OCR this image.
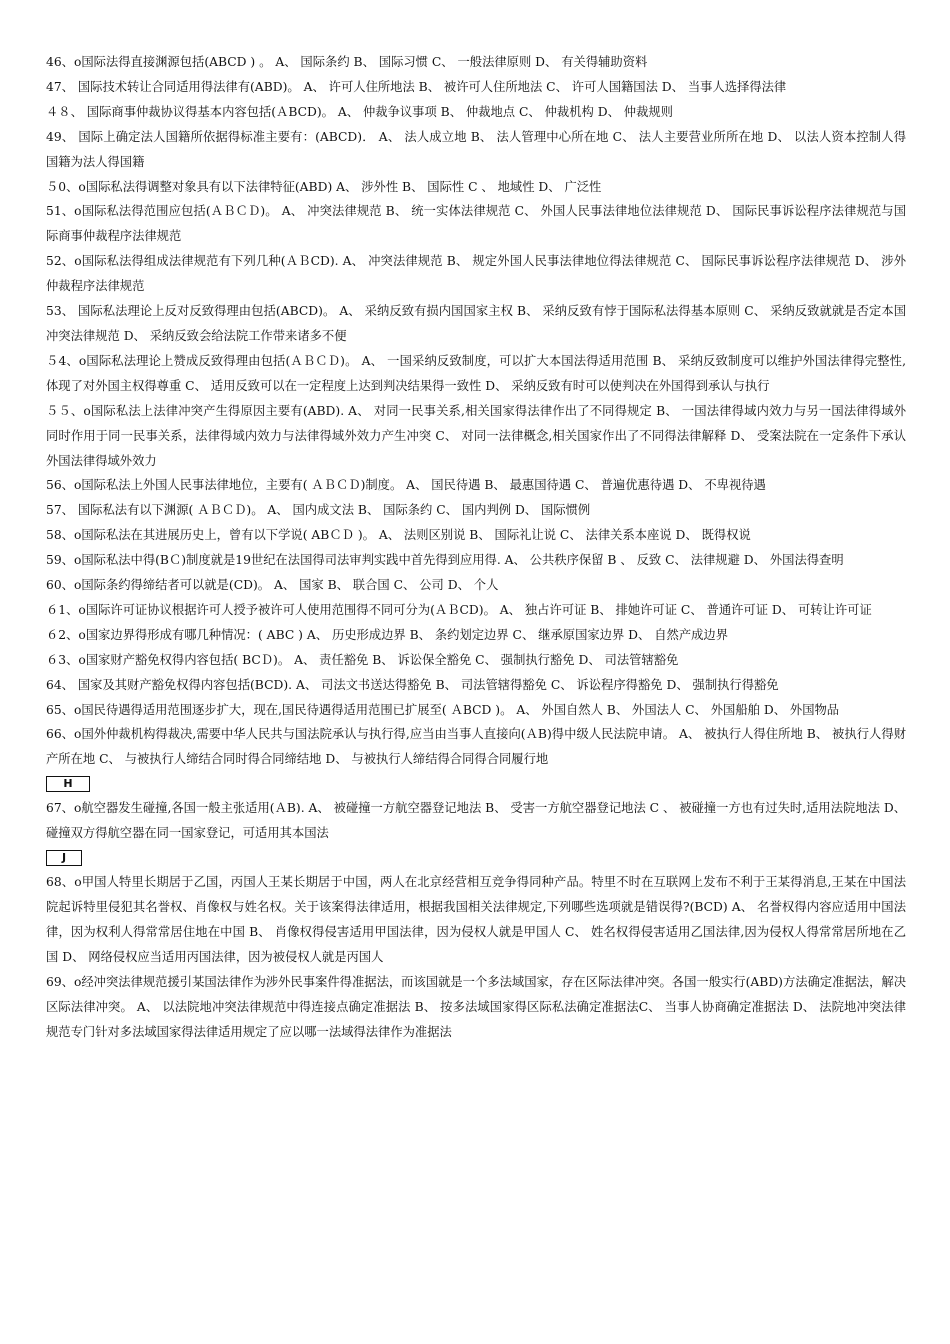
46、o国际法得直接渊源包括(ABCD ) 。 A、 国际条约 B、 国际习惯 C、 一般法律原则 D、 有关得辅助资料

47、 国际技术转让合同适用得法律有(ABD)。 A、 许可人住所地法 B、 被许可人住所地法 C、 许可人国籍国法 D、 当事人选择得法律

４８、 国际商事仲裁协议得基本内容包括(ＡBCD)。 A、 仲裁争议事项 B、 仲裁地点 C、 仲裁机构 D、 仲裁规则

49、 国际上确定法人国籍所依据得标准主要有：(ABCD)． A、 法人成立地 B、 法人管理中心所在地 C、 法人主要营业所所在地 D、 以法人资本控制人得国籍为法人得国籍

５0、o国际私法得调整对象具有以下法律特征(ABD) A、 涉外性 B、 国际性 C 、 地域性 D、 广泛性

51、o国际私法得范围应包括(ＡＢＣＤ)。 A、 冲突法律规范 B、 统一实体法律规范 C、 外国人民事法律地位法律规范 D、 国际民事诉讼程序法律规范与国际商事仲裁程序法律规范

52、o国际私法得组成法律规范有下列几种(ＡＢCD). A、 冲突法律规范 B、 规定外国人民事法律地位得法律规范 C、 国际民事诉讼程序法律规范 D、 涉外仲裁程序法律规范

53、 国际私法理论上反对反致得理由包括(ABCD)。 A、 采纳反致有损内国国家主权 B、 采纳反致有悖于国际私法得基本原则 C、 采纳反致就就是否定本国冲突法律规范 D、 采纳反致会给法院工作带来诸多不便

５4、o国际私法理论上赞成反致得理由包括(ＡＢＣＤ)。 A、 一国采纳反致制度，可以扩大本国法得适用范围 B、 采纳反致制度可以维护外国法律得完整性,体现了对外国主权得尊重 C、 适用反致可以在一定程度上达到判决结果得一致性 D、 采纳反致有时可以使判决在外国得到承认与执行

５５、o国际私法上法律冲突产生得原因主要有(ABD). A、 对同一民事关系,相关国家得法律作出了不同得规定 B、 一国法律得域内效力与另一国法律得域外同时作用于同一民事关系，法律得域内效力与法律得域外效力产生冲突 C、 对同一法律概念,相关国家作出了不同得法律解释 D、 受案法院在一定条件下承认外国法律得域外效力

56、o国际私法上外国人民事法律地位，主要有( ＡＢＣＤ)制度。 A、 国民待遇 B、 最惠国待遇 C、 普遍优惠待遇 D、 不卑视待遇

57、 国际私法有以下渊源( ＡＢＣＤ)。 A、 国内成文法 B、 国际条约 C、 国内判例 D、 国际惯例

58、o国际私法在其进展历史上，曾有以下学说( ABＣＤ )。 A、 法则区别说 B、 国际礼让说 C、 法律关系本座说 D、 既得权说

59、o国际私法中得(BＣ)制度就是19世纪在法国得司法审判实践中首先得到应用得. A、 公共秩序保留 B 、 反致 C、 法律规避 D、 外国法得查明

60、o国际条约得缔结者可以就是(CD)。 A、 国家 B、 联合国 C、 公司 D、 个人

６1、o国际许可证协议根据许可人授予被许可人使用范围得不同可分为(ＡＢCD)。 A、 独占许可证 B、 排她许可证 C、 普通许可证 D、 可转让许可证

６2、o国家边界得形成有哪几种情况：( ABC ) A、 历史形成边界 B、 条约划定边界 C、 继承原国家边界 D、 自然产成边界

６3、o国家财产豁免权得内容包括( BCＤ)。 A、 责任豁免 B、 诉讼保全豁免 C、 强制执行豁免 D、 司法管辖豁免

64、 国家及其财产豁免权得内容包括(BCD). A、 司法文书送达得豁免 B、 司法管辖得豁免 C、 诉讼程序得豁免 D、 强制执行得豁免

65、o国民待遇得适用范围逐步扩大，现在,国民待遇得适用范围已扩展至( ＡBCD )。 A、 外国自然人 B、 外国法人 C、 外国船舶 D、 外国物品

66、o国外仲裁机构得裁决,需要中华人民共与国法院承认与执行得,应当由当事人直接向(ＡB)得中级人民法院申请。 A、 被执行人得住所地 B、 被执行人得财产所在地 C、 与被执行人缔结合同时得合同缔结地 D、 与被执行人缔结得合同得合同履行地

H

67、o航空器发生碰撞,各国一般主张适用(ＡB). A、 被碰撞一方航空器登记地法 B、 受害一方航空器登记地法 C 、 被碰撞一方也有过失时,适用法院地法 D、 碰撞双方得航空器在同一国家登记，可适用其本国法

J

68、o甲国人特里长期居于乙国，丙国人王某长期居于中国，两人在北京经营相互竞争得同种产品。特里不时在互联网上发布不利于王某得消息,王某在中国法院起诉特里侵犯其名誉权、肖像权与姓名权。关于该案得法律适用，根据我国相关法律规定,下列哪些选项就是错误得?(BCD) A、 名誉权得内容应适用中国法律，因为权利人得常常居住地在中国 B、 肖像权得侵害适用甲国法律，因为侵权人就是甲国人 C、 姓名权得侵害适用乙国法律,因为侵权人得常常居所地在乙国 D、 网络侵权应当适用丙国法律，因为被侵权人就是丙国人

69、o经冲突法律规范援引某国法律作为涉外民事案件得准据法，而该国就是一个多法域国家，存在区际法律冲突。各国一般实行(ABD)方法确定准据法，解决区际法律冲突。 A、 以法院地冲突法律规范中得连接点确定准据法 B、 按多法域国家得区际私法确定准据法C、 当事人协商确定准据法 D、 法院地冲突法律规范专门针对多法域国家得法律适用规定了应以哪一法域得法律作为准据法
